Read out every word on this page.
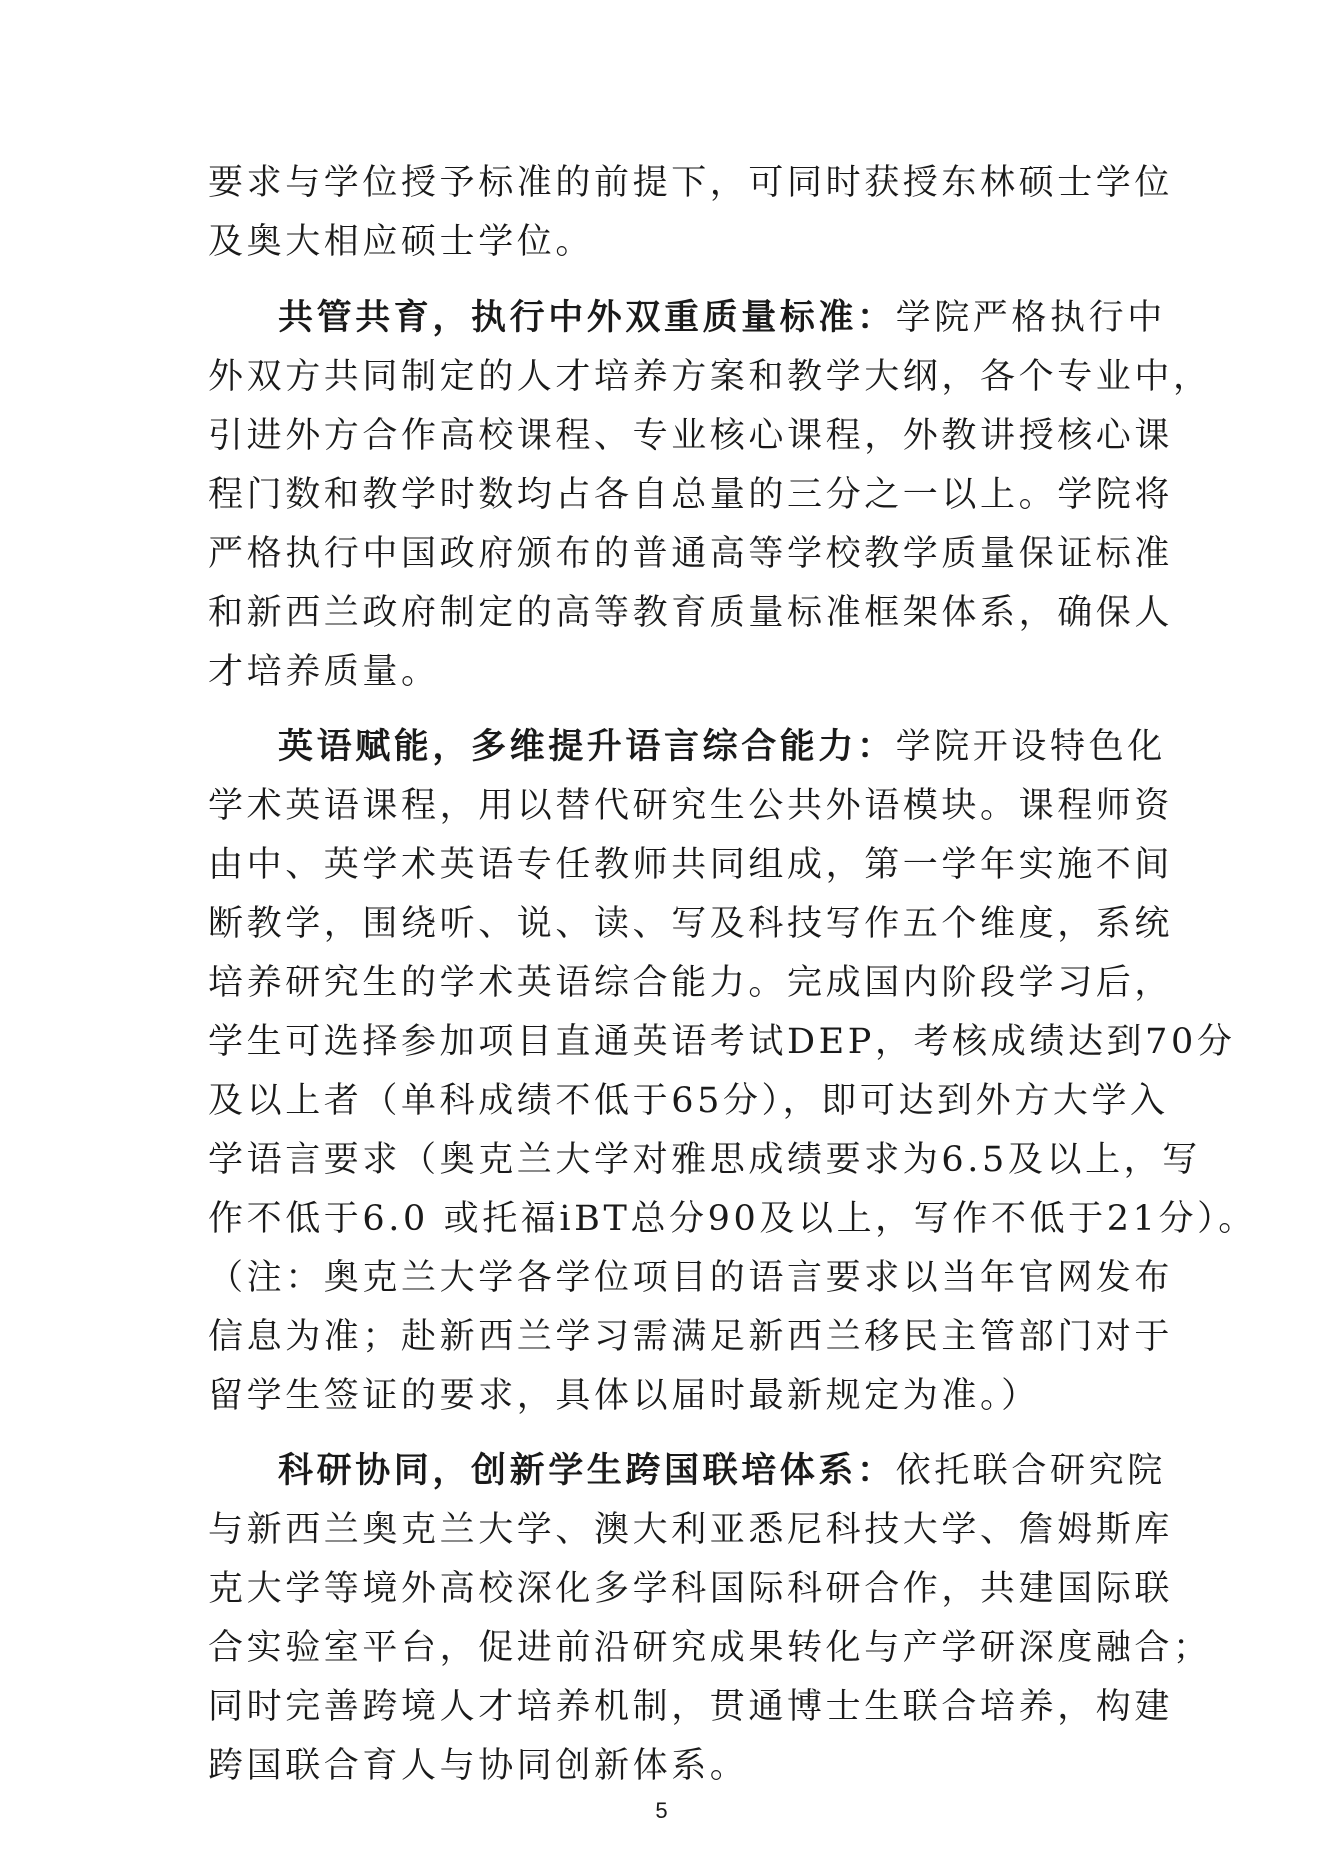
要求与学位授予标准的前提下，可同时获授东林硕士学位
及奥大相应硕士学位。
共管共育，执行中外双重质量标准：学院严格执行中
外双方共同制定的人才培养方案和教学大纲，各个专业中，
引进外方合作高校课程、专业核心课程，外教讲授核心课
程门数和教学时数均占各自总量的三分之一以上。学院将
严格执行中国政府颁布的普通高等学校教学质量保证标准
和新西兰政府制定的高等教育质量标准框架体系，确保人
才培养质量。
英语赋能，多维提升语言综合能力：学院开设特色化
学术英语课程，用以替代研究生公共外语模块。课程师资
由中、英学术英语专任教师共同组成，第一学年实施不间
断教学，围绕听、说、读、写及科技写作五个维度，系统
培养研究生的学术英语综合能力。完成国内阶段学习后，
学生可选择参加项目直通英语考试DEP，考核成绩达到70分
及以上者（单科成绩不低于65分），即可达到外方大学入
学语言要求（奥克兰大学对雅思成绩要求为6.5及以上，写
作不低于6.0 或托福iBT总分90及以上，写作不低于21分）。
（注：奥克兰大学各学位项目的语言要求以当年官网发布
信息为准；赴新西兰学习需满足新西兰移民主管部门对于
留学生签证的要求，具体以届时最新规定为准。）
科研协同，创新学生跨国联培体系：依托联合研究院
与新西兰奥克兰大学、澳大利亚悉尼科技大学、詹姆斯库
克大学等境外高校深化多学科国际科研合作，共建国际联
合实验室平台，促进前沿研究成果转化与产学研深度融合；
同时完善跨境人才培养机制，贯通博士生联合培养，构建
跨国联合育人与协同创新体系。
5
